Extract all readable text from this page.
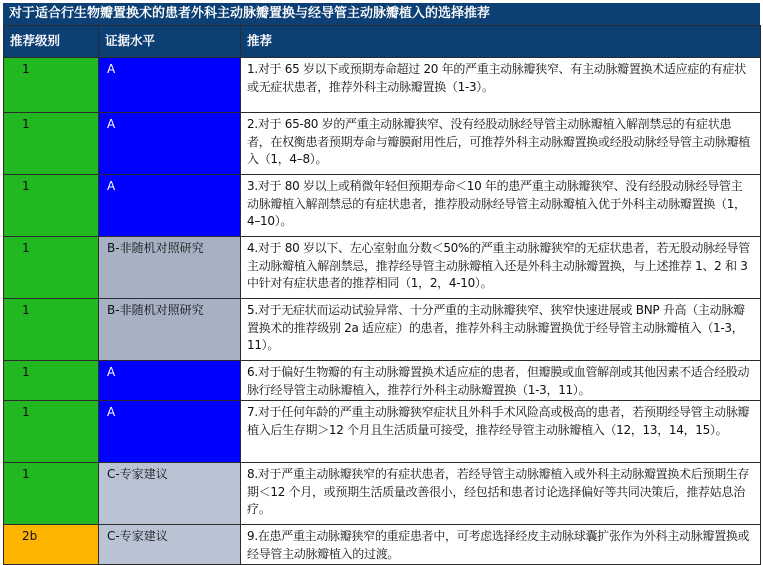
对于适合行生物瓣置换术的患者外科主动脉瓣置换与经导管主动脉瓣植入的选择推荐
推荐级别	证据水平	推荐
1	A	1.对于 65 岁以下或预期寿命超过 20 年的严重主动脉瓣狭窄、有主动脉瓣置换术适应症的有症状或无症状患者，推荐外科主动脉瓣置换（1-3）。
1	A	2.对于 65-80 岁的严重主动脉瓣狭窄、没有经股动脉经导管主动脉瓣植入解剖禁忌的有症状患者，在权衡患者预期寿命与瓣膜耐用性后，可推荐外科主动脉瓣置换或经股动脉经导管主动脉瓣植入（1，4–8）。
1	A	3.对于 80 岁以上或稍微年轻但预期寿命＜10 年的患严重主动脉瓣狭窄、没有经股动脉经导管主动脉瓣植入解剖禁忌的有症状患者，推荐股动脉经导管主动脉瓣植入优于外科主动脉瓣置换（1，4–10）。
1	B-非随机对照研究	4.对于 80 岁以下、左心室射血分数＜50%的严重主动脉瓣狭窄的无症状患者，若无股动脉经导管主动脉瓣植入解剖禁忌，推荐经导管主动脉瓣植入还是外科主动脉瓣置换，与上述推荐 1、2 和 3 中针对有症状患者的推荐相同（1，2，4-10）。
1	B-非随机对照研究	5.对于无症状而运动试验异常、十分严重的主动脉瓣狭窄、狭窄快速进展或 BNP 升高（主动脉瓣置换术的推荐级别 2a 适应症）的患者，推荐外科主动脉瓣置换优于经导管主动脉瓣植入（1-3，11）。
1	A	6.对于偏好生物瓣的有主动脉瓣置换术适应症的患者，但瓣膜或血管解剖或其他因素不适合经股动脉行经导管主动脉瓣植入，推荐行外科主动脉瓣置换（1-3，11）。
1	A	7.对于任何年龄的严重主动脉瓣狭窄症状且外科手术风险高或极高的患者，若预期经导管主动脉瓣植入后生存期＞12 个月且生活质量可接受，推荐经导管主动脉瓣植入（12，13，14，15）。
1	C-专家建议	8.对于严重主动脉瓣狭窄的有症状患者，若经导管主动脉瓣植入或外科主动脉瓣置换术后预期生存期＜12 个月，或预期生活质量改善很小，经包括和患者讨论选择偏好等共同决策后，推荐姑息治疗。
2b	C-专家建议	9.在患严重主动脉瓣狭窄的重症患者中，可考虑选择经皮主动脉球囊扩张作为外科主动脉瓣置换或经导管主动脉瓣植入的过渡。
